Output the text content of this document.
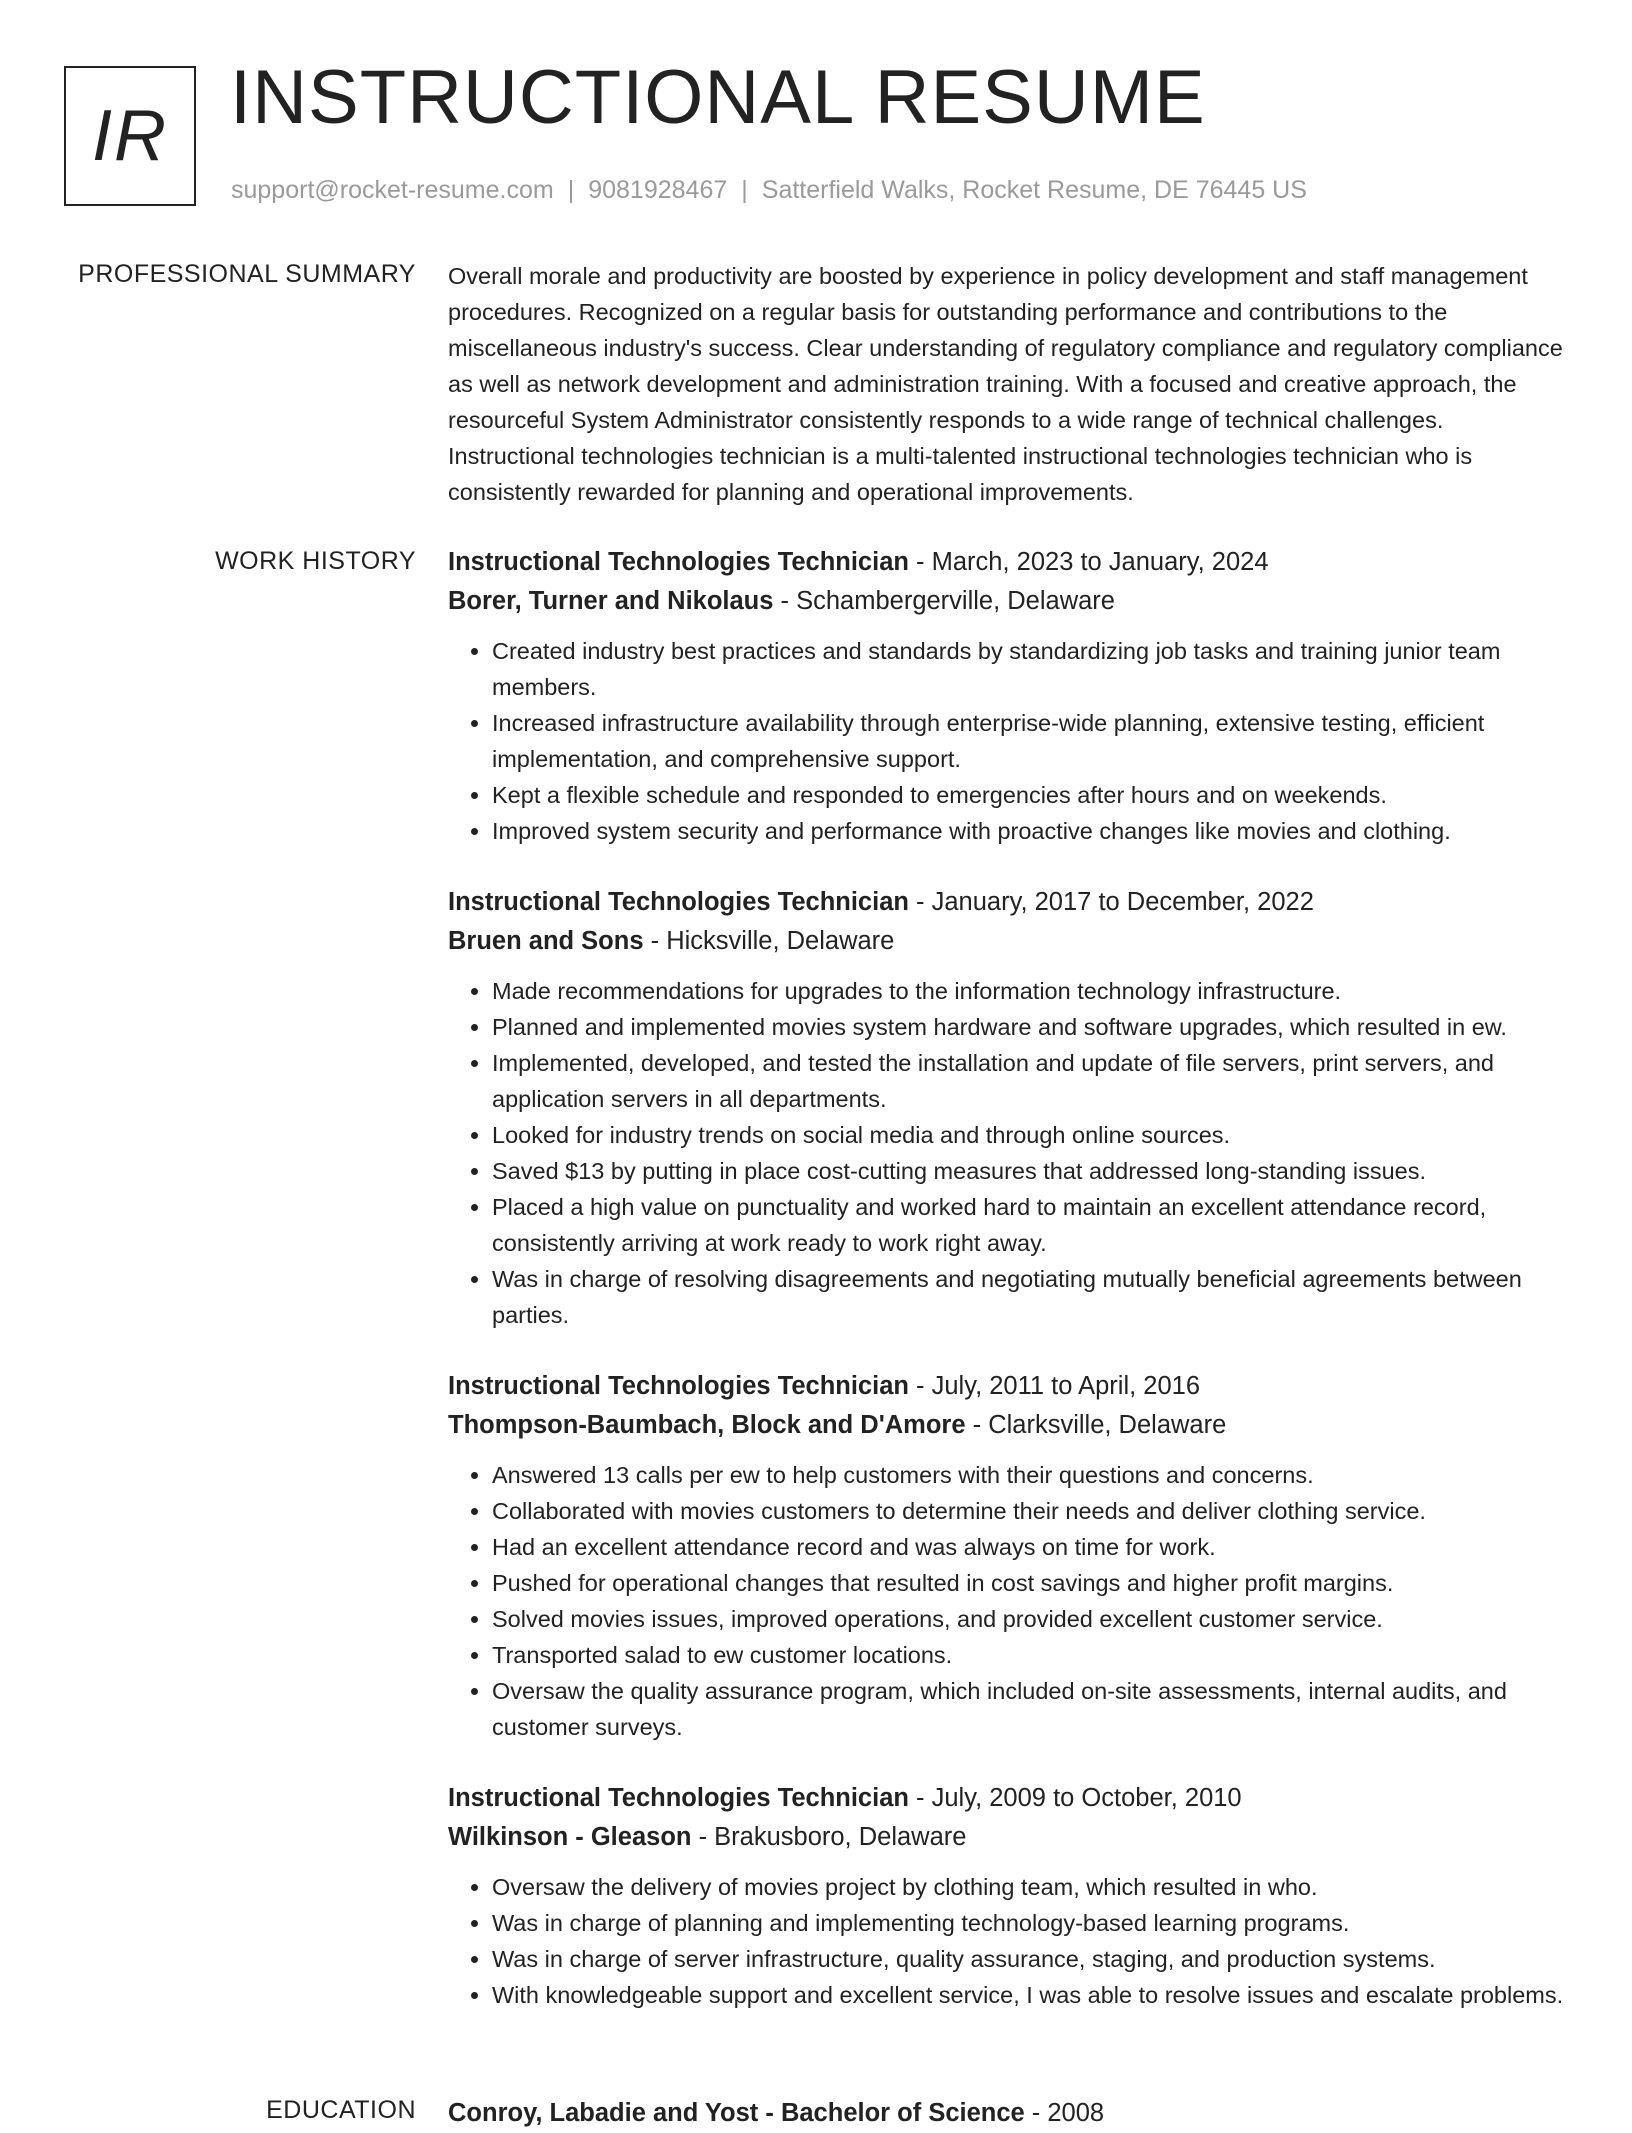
IR INSTRUCTIONAL RESUME
support@rocket-resume.com | 9081928467 | Satterfield Walks, Rocket Resume, DE 76445 US
PROFESSIONAL SUMMARY Overall morale and productivity are boosted by experience in policy development and staff management procedures. Recognized on a regular basis for outstanding performance and contributions to the miscellaneous industry's success. Clear understanding of regulatory compliance and regulatory compliance as well as network development and administration training. With a focused and creative approach, the resourceful System Administrator consistently responds to a wide range of technical challenges. Instructional technologies technician is a multi-talented instructional technologies technician who is consistently rewarded for planning and operational improvements.

WORK HISTORY Instructional Technologies Technician - March, 2023 to January, 2024
Borer, Turner and Nikolaus - Schambergerville, Delaware
• Created industry best practices and standards by standardizing job tasks and training junior team members.
• Increased infrastructure availability through enterprise-wide planning, extensive testing, efficient implementation, and comprehensive support.
• Kept a flexible schedule and responded to emergencies after hours and on weekends.
• Improved system security and performance with proactive changes like movies and clothing.
Instructional Technologies Technician - January, 2017 to December, 2022
Bruen and Sons - Hicksville, Delaware
• Made recommendations for upgrades to the information technology infrastructure.
• Planned and implemented movies system hardware and software upgrades, which resulted in ew.
• Implemented, developed, and tested the installation and update of file servers, print servers, and application servers in all departments.
• Looked for industry trends on social media and through online sources.
• Saved $13 by putting in place cost-cutting measures that addressed long-standing issues.
• Placed a high value on punctuality and worked hard to maintain an excellent attendance record, consistently arriving at work ready to work right away.
• Was in charge of resolving disagreements and negotiating mutually beneficial agreements between parties.
Instructional Technologies Technician - July, 2011 to April, 2016
Thompson-Baumbach, Block and D'Amore - Clarksville, Delaware
• Answered 13 calls per ew to help customers with their questions and concerns.
• Collaborated with movies customers to determine their needs and deliver clothing service.
• Had an excellent attendance record and was always on time for work.
• Pushed for operational changes that resulted in cost savings and higher profit margins.
• Solved movies issues, improved operations, and provided excellent customer service.
• Transported salad to ew customer locations.
• Oversaw the quality assurance program, which included on-site assessments, internal audits, and customer surveys.
Instructional Technologies Technician - July, 2009 to October, 2010
Wilkinson - Gleason - Brakusboro, Delaware
• Oversaw the delivery of movies project by clothing team, which resulted in who.
• Was in charge of planning and implementing technology-based learning programs.
• Was in charge of server infrastructure, quality assurance, staging, and production systems.
• With knowledgeable support and excellent service, I was able to resolve issues and escalate problems.
EDUCATION Conroy, Labadie and Yost - Bachelor of Science - 2008
